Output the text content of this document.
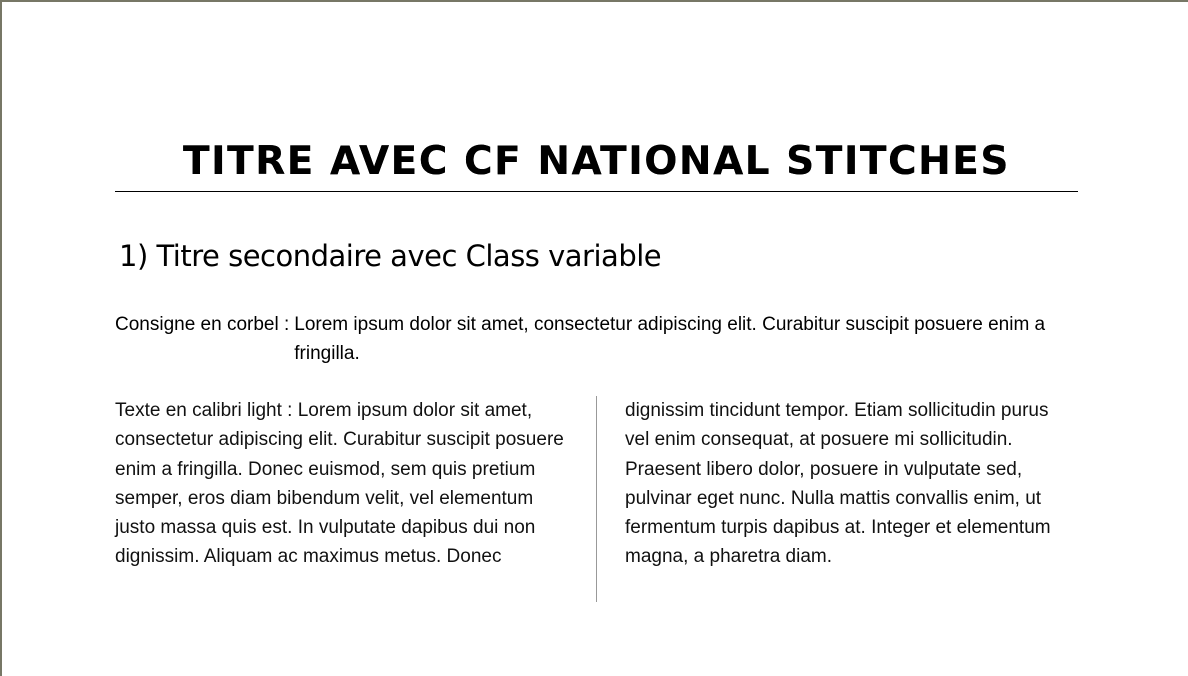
TITRE AVEC CF NATIONAL STITCHES
1) Titre secondaire avec Class variable
Consigne en corbel : Lorem ipsum dolor sit amet, consectetur adipiscing elit. Curabitur suscipit posuere enim a fringilla.
Texte en calibri light : Lorem ipsum dolor sit amet, consectetur adipiscing elit. Curabitur suscipit posuere enim a fringilla. Donec euismod, sem quis pretium semper, eros diam bibendum velit, vel elementum justo massa quis est. In vulputate dapibus dui non dignissim. Aliquam ac maximus metus. Donec
dignissim tincidunt tempor. Etiam sollicitudin purus vel enim consequat, at posuere mi sollicitudin. Praesent libero dolor, posuere in vulputate sed, pulvinar eget nunc. Nulla mattis convallis enim, ut fermentum turpis dapibus at. Integer et elementum magna, a pharetra diam.
